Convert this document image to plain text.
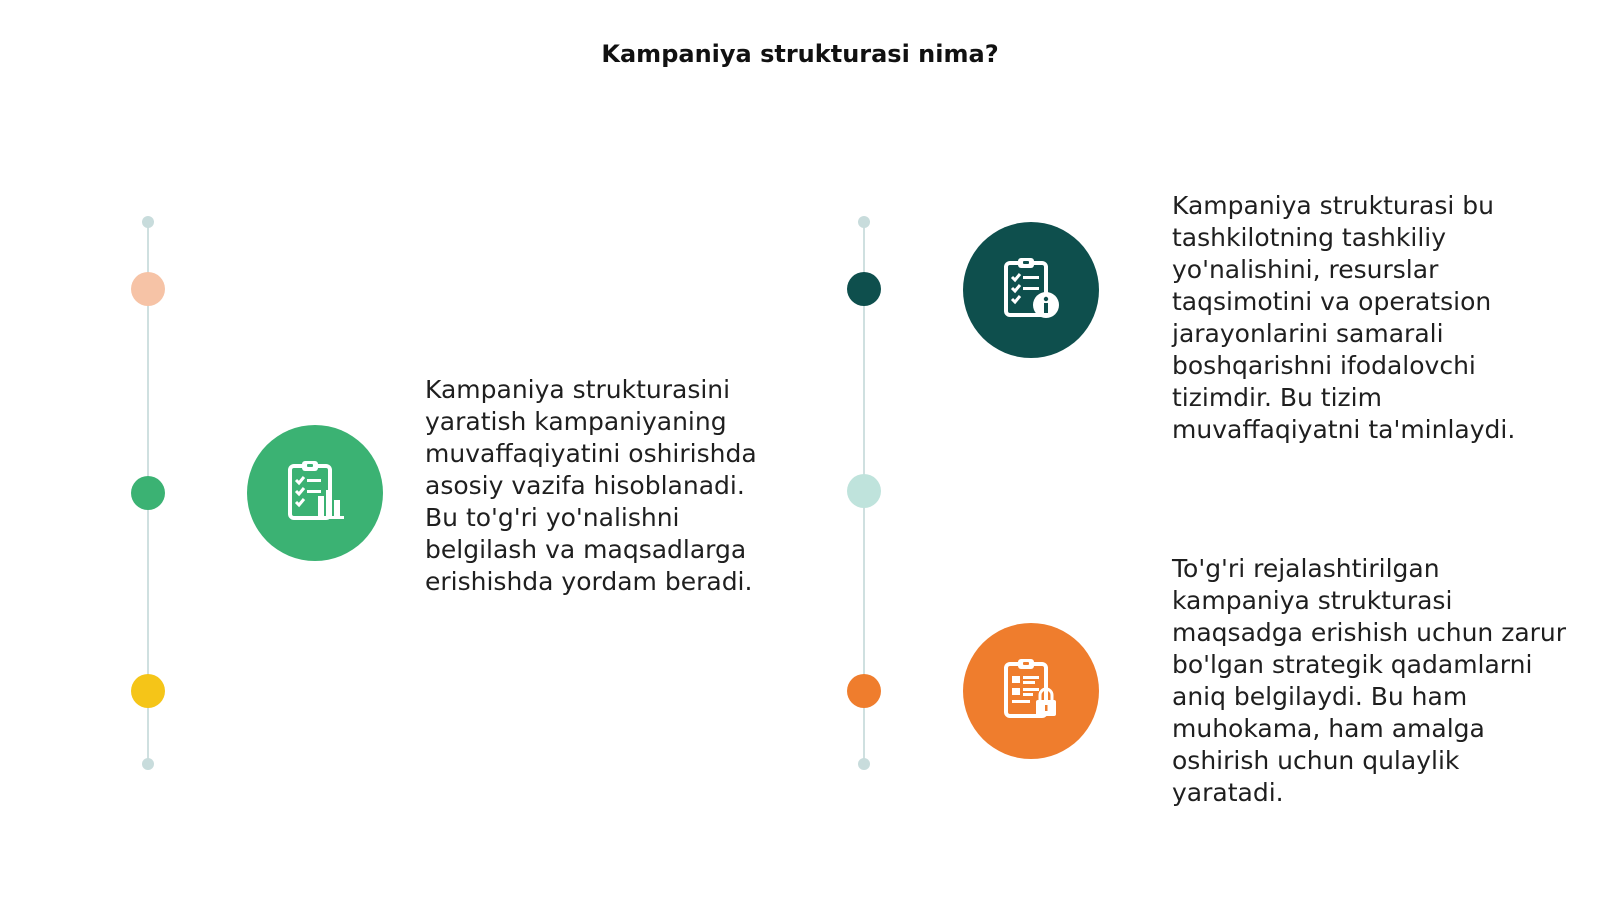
Kampaniya strukturasi nima?
Kampaniya strukturasini yaratish kampaniyaning muvaffaqiyatini oshirishda asosiy vazifa hisoblanadi. Bu to'g'ri yo'nalishni belgilash va maqsadlarga erishishda yordam beradi.
Kampaniya strukturasi bu tashkilotning tashkiliy yo'nalishini, resurslar taqsimotini va operatsion jarayonlarini samarali boshqarishni ifodalovchi tizimdir. Bu tizim muvaffaqiyatni ta'minlaydi.
To'g'ri rejalashtirilgan kampaniya strukturasi maqsadga erishish uchun zarur bo'lgan strategik qadamlarni aniq belgilaydi. Bu ham muhokama, ham amalga oshirish uchun qulaylik yaratadi.
